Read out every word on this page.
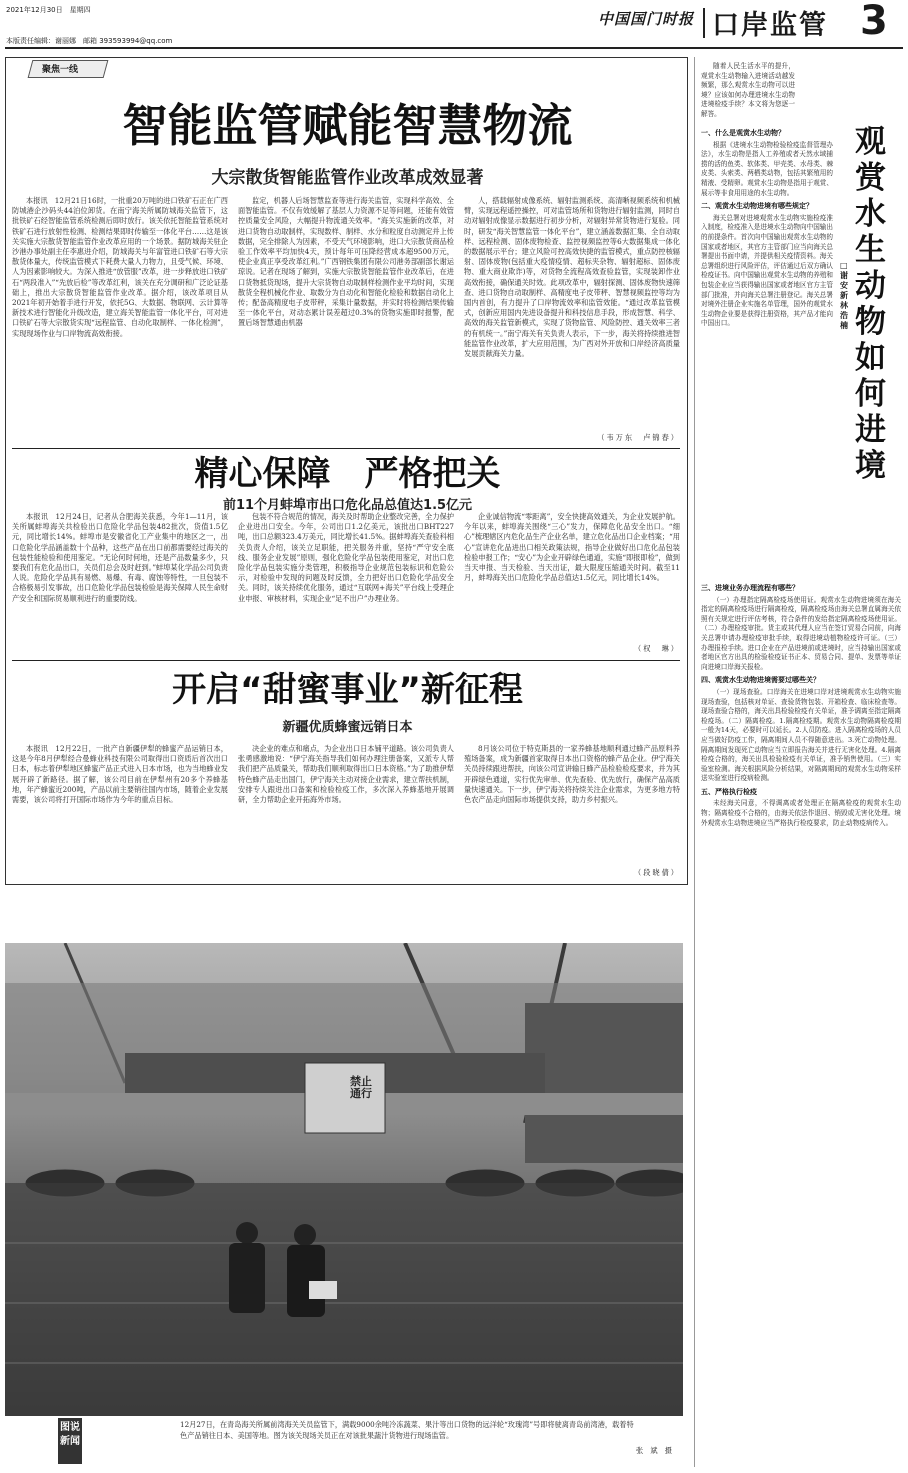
2021年12月30日　星期四
本版责任编辑：谢丽娜　邮箱 393593994@qq.com
中国国门时报 口岸监管 3
聚焦一线
智能监管赋能智慧物流
大宗散货智能监管作业改革成效显著

本报讯　12月21日16时，一批重20万吨的进口铁矿石正在广西防城港企沙码头44泊位卸货。在南宁海关所属防城海关监管下，这批铁矿石经智能监管系统检测后即时放行。该关依托智能监管系统对铁矿石进行放射性检测、检测结果即时传输至一体化平台……这是该关实施大宗散货智能监管作业改革应用的一个场景。据防城海关驻企沙港办事处副主任李惠进介绍，防城海关与年富管进口铁矿石等大宗散货体量大，传统监管模式下耗费大量人力物力，且受气候、环境、人为因素影响较大。为深入推进“放管服”改革，进一步释放进口铁矿石“两段准入”“先放后检”等改革红利，该关在充分调研和广泛论证基础上，推出大宗散货智能监管作业改革。据介绍，该改革项目从2021年初开始着手进行开发，依托5G、大数据、物联网、云计算等新技术进行智能化升级改造，建立海关智能监管一体化平台，可对进口铁矿石等大宗散货实现“远程监管、自动化取制样、一体化检测”，实现现场作业与口岸物流高效衔接。

监定，机器人后场智慧监查等进行海关监管，实现科学高效、全面智能监管。不仅有效缓解了基层人力资源不足等问题，还能有效管控质量安全风险，大幅提升物流通关效率。“海关实施新的改革，对进口货物自动取制样，实现数样、制样、水分和粒度自动测定并上传数据，完全排除人为因素，不受天气环境影响，进口大宗散货商品检验工作效率平均加快4天，预计每年可压降经营成本超9500万元，使企业真正享受改革红利。”广西钢铁集团有限公司港务部副部长谢运琼说。记者在现场了解到，实施大宗散货智能监管作业改革后，在进口货物抵货现场，提升大宗货物自动取制样检测作业平均时间，实现散货全程机械化作业、取数分为自动化和智能化检验和数据自动化上传；配备高精度电子皮带秤，采集计量数据，并实时将检测结果传输至一体化平台，对动态累计误差超过0.3%的货物实施即时报警，配置后场智慧通由机器

人，搭载辐射成像系统、辐射监测系统、高清晰视频系统和机械臂，实现远程遥控操控，可对监管场所和货物进行辐射监测，同时自动对辐射成像显示数据进行初步分析，对辐射异常货物进行复验。同时，研发“海关智慧监管一体化平台”，建立涵盖数据汇集、全自动取样、远程检测、固体废物检查、监控视频监控等6大数据集成一体化的数据展示平台；建立风险可控高效快捷的监管模式，重点防控核辐射、固体废物(包括重大疫情疫情、超标夹杂物、辐射超标、固体废物、重大商业欺诈)等，对货物全流程高效查验监管，实现装卸作业高效衔接，确保通关时效。此项改革中，辐射探测、固体废物快速筛查、进口货物自动取制样、高精度电子皮带秤、智慧视频监控等均为国内首创，有力提升了口岸物流效率和监管效能。“通过改革监管模式，创新应用国内先进设备提升和科技信息手段，形成智慧、科学、高效的海关监管新模式，实现了货物监管、风险防控、通关效率三者的有机统一。”南宁海关有关负责人表示，下一步，海关将持续推进智能监管作业改革，扩大应用范围，为广西对外开放和口岸经济高质量发展贡献海关力量。

（韦万东　卢锦春）
精心保障　严格把关
前11个月蚌埠市出口危化品总值达1.5亿元

本报讯　12月24日，记者从合肥海关获悉，今年1—11月，该关所属蚌埠海关共检验出口危险化学品包装482批次，货值1.5亿元，同比增长14%。蚌埠市是安徽省化工产业集中的地区之一，出口危险化学品涵盖数十个品种，这些产品在出口前都需要经过海关的包装性能检验和使用鉴定。“无论何时何地，还是产品数量多少，只要我们有危化品出口，关员们总会及时赶到。”蚌埠某化学品公司负责人说。危险化学品具有易燃、易爆、有毒、腐蚀等特性，一旦包装不合格极易引发事故，出口危险化学品包装检验是海关保障人民生命财产安全和国际贸易顺利进行的重要防线。

包装不符合规范的情况，海关及时帮助企业整改完善，全力保护企业进出口安全。今年，公司出口1.2亿美元，该批出口BHT227吨，出口总额323.4万美元，同比增长41.5%。据蚌埠海关查验科相关负责人介绍，该关立足职能，把关服务并重，坚持“严守安全底线、服务企业发展”原则，强化危险化学品包装使用鉴定，对出口危险化学品包装实施分类管理，积极指导企业规范包装标识和危险公示，对检验中发现的问题及时反馈，全力把好出口危险化学品安全关。同时，该关持续优化服务，通过“互联网+海关”平台线上受理企业申报、审核材料，实现企业“足不出户”办理业务。

企业诚信物流“零距离”，安全快捷高效通关，为企业发展护航。今年以来，蚌埠海关围绕“三心”发力，保障危化品安全出口。“细心”梳理辖区内危化品生产企业名单，建立危化品出口企业档案；“用心”宣讲危化品进出口相关政策法规，指导企业做好出口危化品包装检验申报工作；“安心”为企业开辟绿色通道，实施“即报即检”，做到当天申报、当天检验、当天出证，最大限度压缩通关时间。截至11月，蚌埠海关出口危险化学品总值达1.5亿元，同比增长14%。

（权　琳）
开启“甜蜜事业”新征程
新疆优质蜂蜜远销日本

本报讯　12月22日，一批产自新疆伊犁的蜂蜜产品运销日本，这是今年8月伊犁经合曼蜂业科技有限公司取得出口资质后首次出口日本，标志着伊犁地区蜂蜜产品正式进入日本市场，也为当地蜂业发展开辟了新路径。据了解，该公司目前在伊犁州有20多个养蜂基地，年产蜂蜜近200吨，产品以前主要销往国内市场，随着企业发展需要，该公司将打开国际市场作为今年的重点目标。

决企业的难点和痛点，为企业出口日本铺平道路。该公司负责人张勇感激地说：“伊宁海关指导我们如何办理注册备案，又派专人帮我们把产品质量关，帮助我们顺利取得出口日本资格。”为了助推伊犁特色蜂产品走出国门，伊宁海关主动对接企业需求，建立帮扶机制，安排专人跟进出口备案和检验检疫工作，多次深入养蜂基地开展调研，全力帮助企业开拓海外市场。

8月该公司位于特克斯县的一家养蜂基地顺利通过蜂产品原料养殖场备案，成为新疆首家取得日本出口资格的蜂产品企业。伊宁海关关员持续跟进帮扶，向该公司宣讲输日蜂产品检验检疫要求，并为其开辟绿色通道，实行优先审单、优先查验、优先放行，确保产品高质量快速通关。下一步，伊宁海关将持续关注企业需求，为更多地方特色农产品走向国际市场提供支持，助力乡村振兴。

（段晓倩）
禁止通行
图说
新闻
12月27日，在青岛海关所属前湾海关关员监管下，满载9000余吨冷冻蔬菜、果汁等出口货物的远洋轮“玫瑰湾”号即将驶离青岛前湾港，载着特色产品销往日本、美国等地。图为该关现场关员正在对该批果蔬汁货物进行现场监管。
张　斌　摄

随着人民生活水平的提升，观赏水生动物输入进境活动越发频繁，那么观赏水生动物可以进境？应该如何办理进境水生动物进境检疫手续？本文将为您逐一解答。

观赏水生动物如何进境
□谢安新　林浩楠
一、什么是观赏水生动物？

根据《进境水生动物检验检疫监督管理办法》，水生动物是指人工养殖或者天然水域捕捞的活的鱼类、软体类、甲壳类、水母类、棘皮类、头索类、两栖类动物，包括其繁殖用的精液、受精卵。观赏水生动物是指用于观赏、展示等非食用用途的水生动物。

二、观赏水生动物进境有哪些规定？

海关总署对进境观赏水生动物实施检疫准入制度，检疫准入是进境水生动物向中国输出的前提条件。首次向中国输出观赏水生动物的国家或者地区，其官方主管部门应当向海关总署提出书面申请，并提供相关疫情资料。海关总署组织进行风险评估，评估通过后双方确认检疫证书。向中国输出观赏水生动物的养殖和包装企业应当获得输出国家或者地区官方主管部门批准，并向海关总署注册登记。海关总署对境外注册企业实施名单管理，国外的观赏水生动物企业要是获得注册资格，其产品才能向中国出口。

三、进境业务办理流程有哪些？

（一）办理指定隔离检疫场使用证。观赏水生动物进境须在海关指定的隔离检疫场进行隔离检疫，隔离检疫场由海关总署直属海关依照有关规定进行评估考核，符合条件的发给指定隔离检疫场使用证。（二）办理检疫审批。货主或其代理人应当在签订贸易合同前，向海关总署申请办理检疫审批手续，取得进境动植物检疫许可证。（三）办理报检手续。进口企业在产品进境前或进境时，应当持输出国家或者地区官方出具的检验检疫证书正本、贸易合同、提单、发票等单证向进境口岸海关报检。

四、观赏水生动物进境需要过哪些关？

（一）现场查验。口岸海关在进境口岸对进境观赏水生动物实施现场查验，包括核对单证、查验货物包装、开箱检查、临床检查等。现场查验合格的，海关出具检验检疫有关单证，准予调离至指定隔离检疫场。（二）隔离检疫。1.隔离检疫期。观赏水生动物隔离检疫期一般为14天，必要时可以延长。2.人员防疫。进入隔离检疫场的人员应当做好防疫工作，隔离期间人员不得随意进出。3.死亡动物处理。隔离期间发现死亡动物应当立即报告海关并进行无害化处理。4.隔离检疫合格的，海关出具检验检疫有关单证，准予销售使用。（三）实验室检测。海关根据风险分析结果，对隔离期间的观赏水生动物采样送实验室进行疫病检测。

五、严格执行检疫

未经海关同意，不得调离或者处理正在隔离检疫的观赏水生动物；隔离检疫不合格的，由海关依法作退回、销毁或无害化处理。境外观赏水生动物进境应当严格执行检疫要求，防止动物疫病传入。
